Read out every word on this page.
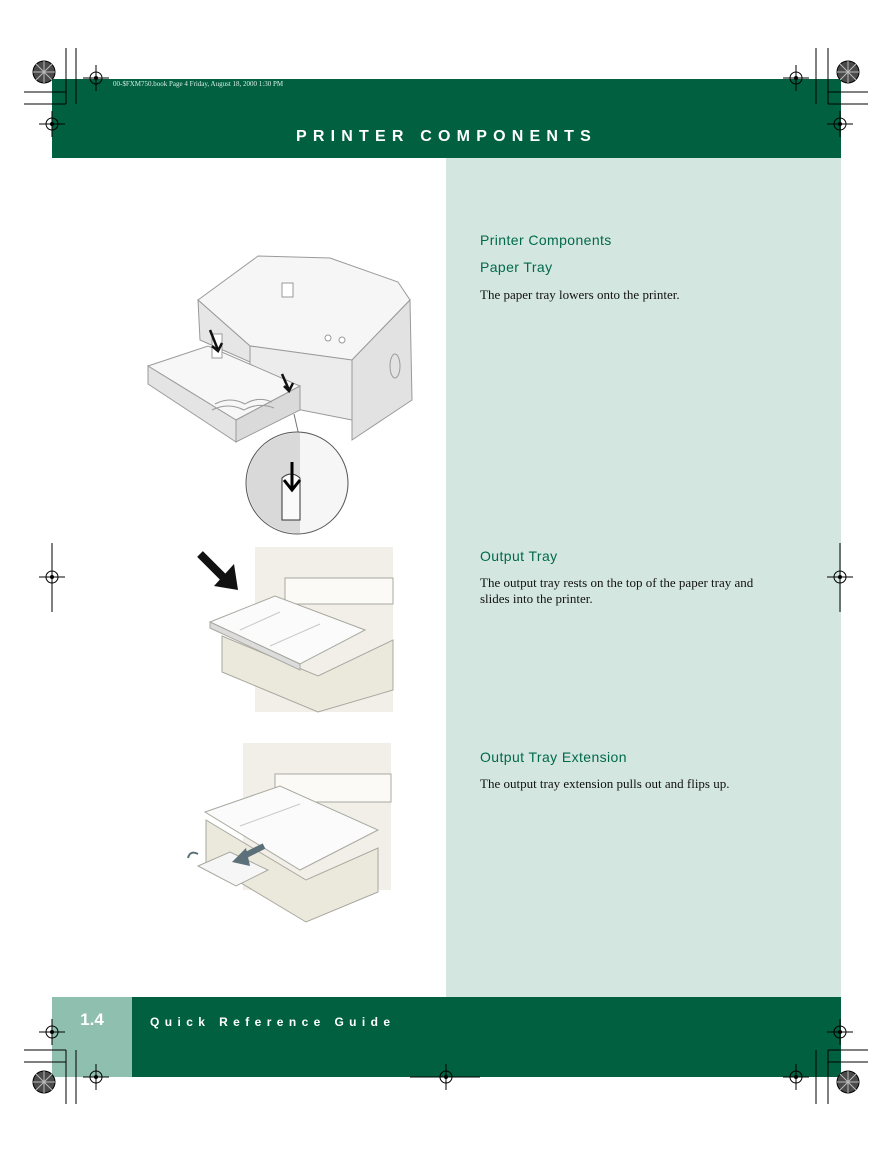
00-$FXM750.book Page 4 Friday, August 18, 2000 1:30 PM
PRINTER COMPONENTS
Printer Components
Paper Tray
The paper tray lowers onto the printer.
Output Tray
The output tray rests on the top of the paper tray and slides into the printer.
Output Tray Extension
The output tray extension pulls out and flips up.
1.4	Quick Reference Guide
